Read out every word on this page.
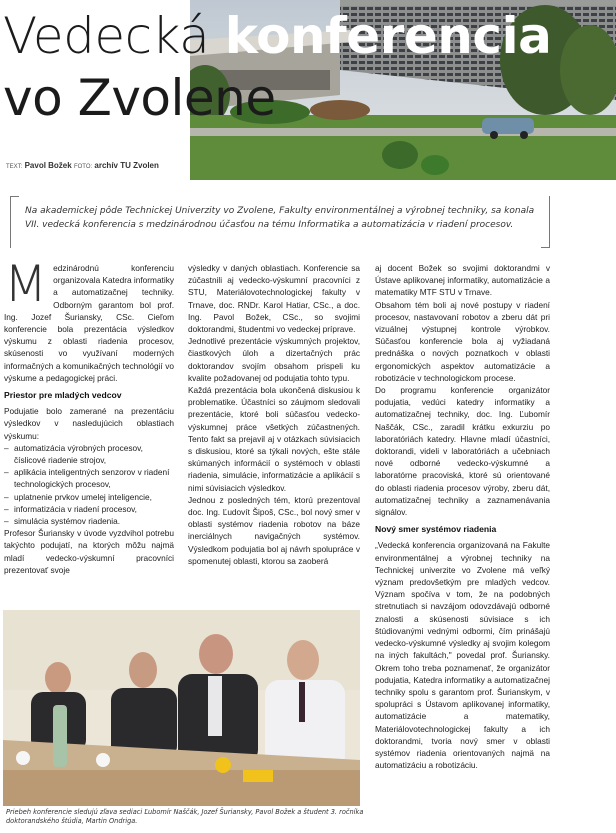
Vedecká konferencia
vo Zvolene
TEXT: Pavol Božek FOTO: archív TU Zvolen

Na akademickej pôde Technickej Univerzity vo Zvolene, Fakulty environmentálnej a výrobnej techniky, sa konala VII. vedecká konferencia s medzinárodnou účasťou na tému Informatika a automatizácia v riadení procesov.

Medzinárodnú konferenciu organizovala Katedra informatiky a automatizačnej techniky. Odborným garantom bol prof. Ing. Jozef Šuriansky, CSc. Cieľom konferencie bola prezentácia výsledkov výskumu z oblasti riadenia procesov, skúsenosti vo využívaní moderných informačných a komunikačných technológií vo výskume a pedagogickej práci.

Priestor pre mladých vedcov

Podujatie bolo zamerané na prezentáciu výsledkov v nasledujúcich oblastiach výskumu:

– automatizácia výrobných procesov, číslicové riadenie strojov,
– aplikácia inteligentných senzorov v riadení technologických procesov,
– uplatnenie prvkov umelej inteligencie,
– informatizácia v riadení procesov,
– simulácia systémov riadenia.

Profesor Šuriansky v úvode vyzdvihol potrebu takýchto podujatí, na ktorých môžu najmä mladí vedecko-výskumní pracovníci prezentovať svoje

výsledky v daných oblastiach. Konferencie sa zúčastnili aj vedecko-výskumní pracovníci z STU, Materiálovotechnologickej fakulty v Trnave, doc. RNDr. Karol Hatiar, CSc., a doc. Ing. Pavol Božek, CSc., so svojimi doktorandmi, študentmi vo vedeckej príprave.

Jednotlivé prezentácie výskumných projektov, čiastkových úloh a dizertačných prác doktorandov svojím obsahom prispeli ku kvalite požadovanej od podujatia tohto typu.

Každá prezentácia bola ukončená diskusiou k problematike. Účastníci so záujmom sledovali prezentácie, ktoré boli súčasťou vedecko-výskumnej práce všetkých zúčastnených. Tento fakt sa prejavil aj v otázkach súvisiacich s diskusiou, ktoré sa týkali nových, ešte stále skúmaných informácií o systémoch v oblasti riadenia, simulácie, informatizácie a aplikácií s nimi súvisiacich výsledkov.

Jednou z posledných tém, ktorú prezentoval doc. Ing. Ľudovít Šipoš, CSc., bol nový smer v oblasti systémov riadenia robotov na báze inerciálnych navigačných systémov. Výsledkom podujatia bol aj návrh spolupráce v spomenutej oblasti, ktorou sa zaoberá

aj docent Božek so svojimi doktorandmi v Ústave aplikovanej informatiky, automatizácie a matematiky MTF STU v Trnave.

Obsahom tém boli aj nové postupy v riadení procesov, nastavovaní robotov a zberu dát pri vizuálnej výstupnej kontrole výrobkov. Súčasťou konferencie bola aj vyžiadaná prednáška o nových poznatkoch v oblasti ergonomických aspektov automatizácie a robotizácie v technologickom procese.

Do programu konferencie organizátor podujatia, vedúci katedry informatiky a automatizačnej techniky, doc. Ing. Ľubomír Naščák, CSc., zaradil krátku exkurziu po laboratóriách katedry. Hlavne mladí účastníci, doktorandi, videli v laboratóriách a učebniach nové odborné vedecko-výskumné a laboratórne pracoviská, ktoré sú orientované do oblasti riadenia procesov výroby, zberu dát, automatizačnej techniky a zaznamenávania signálov.

Nový smer systémov riadenia

„Vedecká konferencia organizovaná na Fakulte environmentálnej a výrobnej techniky na Technickej univerzite vo Zvolene má veľký význam predovšetkým pre mladých vedcov. Význam spočíva v tom, že na podobných stretnutiach si navzájom odovzdávajú odborné znalosti a skúsenosti súvisiace s ich štúdiovanými vednými odbormi, čím prinášajú vedecko-výskumné výsledky aj svojim kolegom na iných fakultách," povedal prof. Šuriansky. Okrem toho treba poznamenať, že organizátor podujatia, Katedra informatiky a automatizačnej techniky spolu s garantom prof. Šurianskym, v spolupráci s Ústavom aplikovanej informatiky, automatizácie a matematiky, Materiálovotechnologickej fakulty a ich doktorandmi, tvoria nový smer v oblasti systémov riadenia orientovaných najmä na automatizáciu a robotizáciu.

Priebeh konferencie sledujú zľava sediaci Ľubomír Naščák, Jozef Šuriansky, Pavol Božek a študent 3. ročníka doktorandského štúdia, Martin Ondriga.
